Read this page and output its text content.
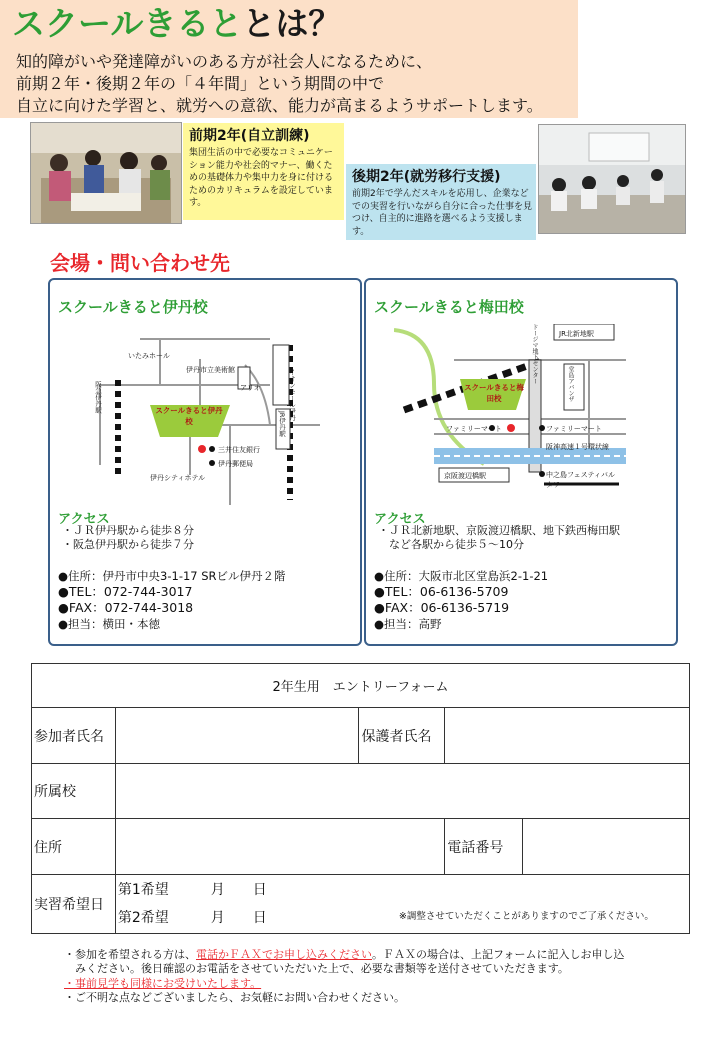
スクールきるととは？
知的障がいや発達障がいのある方が社会人になるために、
前期２年・後期２年の「４年間」という期間の中で
自立に向けた学習と、就労への意欲、能力が高まるようサポートします。
前期2年(自立訓練)
集団生活の中で必要なコミュニケーション能力や社会的マナー、働くための基礎体力や集中力を身に付けるためのカリキュラムを設定しています。
後期2年(就労移行支援)
前期2年で学んだスキルを応用し、企業などでの実習を行いながら自分に合った仕事を見つけ、自主的に進路を選べるよう支援します。
会場・問い合わせ先
スクールきると伊丹校
いたみホール
伊丹市立美術館
アリオ	イオンモール伊丹
阪急伊丹駅	スクールきると伊丹校
三井住友銀行
伊丹郵便局
伊丹シティホテル
JR伊丹駅
アクセス
・ＪＲ伊丹駅から徒歩８分
・阪急伊丹駅から徒歩７分
●住所：伊丹市中央3-1-17 SRビル伊丹２階
●TEL：072-744-3017
●FAX：072-744-3018
●担当：横田・本徳
スクールきると梅田校
JR北新地駅
ドージマ地下センター	堂島アバンザ
スクールきると梅田校
ファミリーマート	ファミリーマート
阪神高速１号環状線
京阪渡辺橋駅	中之島フェスティバルタワー
アクセス
・ＪＲ北新地駅、京阪渡辺橋駅、地下鉄西梅田駅
　など各駅から徒歩５〜10分
●住所：大阪市北区堂島浜2-1-21
●TEL：06-6136-5709
●FAX：06-6136-5719
●担当：高野
2年生用　エントリーフォーム				
参加者氏名		保護者氏名		
所属校				
住所			電話番号	
実習希望日	第1希望　　　月　　日
第2希望　　　月　　日 ※調整させていただくことがありますのでご了承ください。			
・参加を希望される方は、電話かＦＡＸでお申し込みください。ＦＡＸの場合は、上記フォームに記入しお申し込
　みください。後日確認のお電話をさせていただいた上で、必要な書類等を送付させていただきます。
・事前見学も同様にお受けいたします。
・ご不明な点などございましたら、お気軽にお問い合わせください。
